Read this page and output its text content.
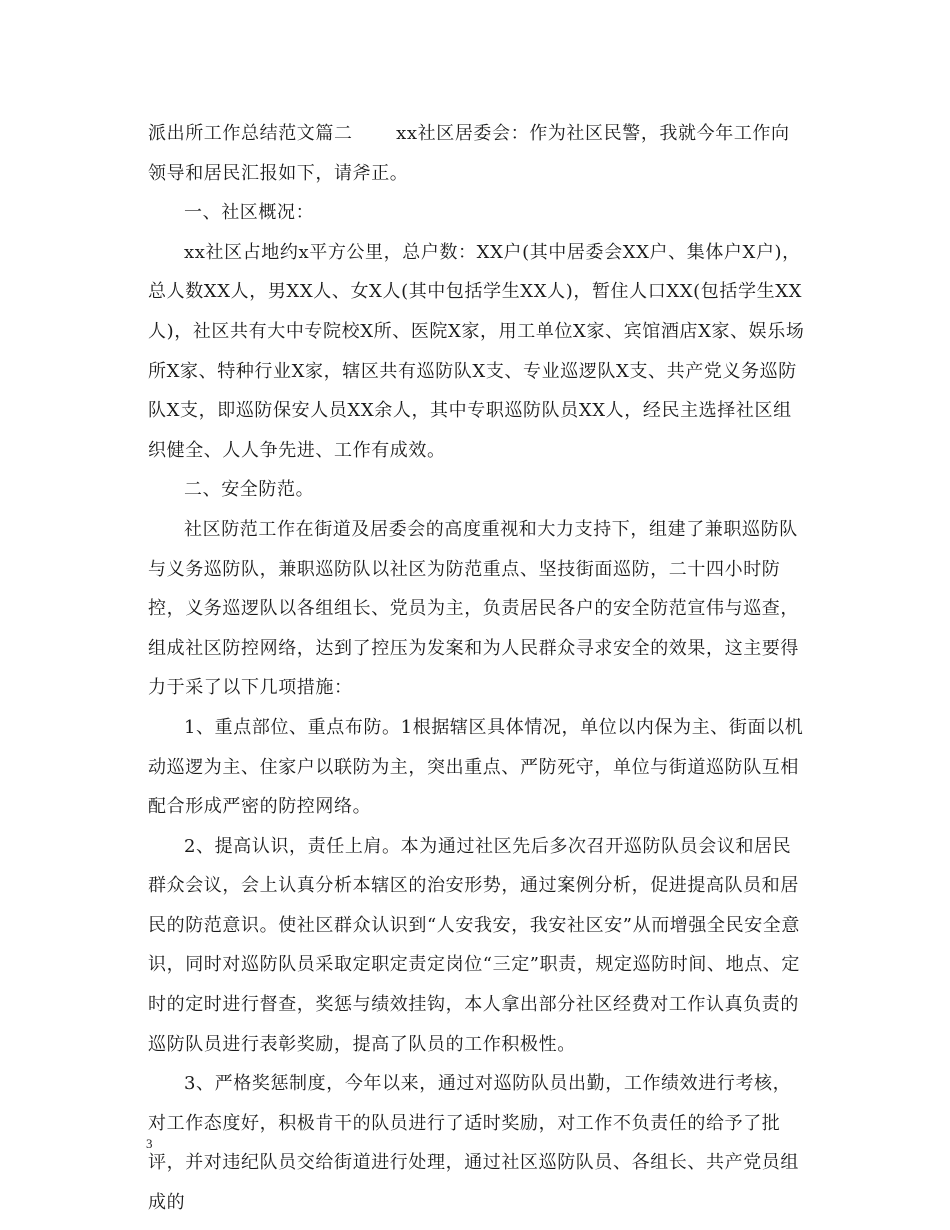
派出所工作总结范文篇二 　　xx社区居委会：作为社区民警，我就今年工作向领导和居民汇报如下，请斧正。

一、社区概况：

xx社区占地约x平方公里，总户数：XX户(其中居委会XX户、集体户X户)，总人数XX人，男XX人、女X人(其中包括学生XX人)，暂住人口XX(包括学生XX人)，社区共有大中专院校X所、医院X家，用工单位X家、宾馆酒店X家、娱乐场所X家、特种行业X家，辖区共有巡防队X支、专业巡逻队X支、共产党义务巡防队X支，即巡防保安人员XX余人，其中专职巡防队员XX人，经民主选择社区组织健全、人人争先进、工作有成效。

二、安全防范。

社区防范工作在街道及居委会的高度重视和大力支持下，组建了兼职巡防队与义务巡防队，兼职巡防队以社区为防范重点、坚技街面巡防，二十四小时防控，义务巡逻队以各组组长、党员为主，负责居民各户的安全防范宣伟与巡查，组成社区防控网络，达到了控压为发案和为人民群众寻求安全的效果，这主要得力于采了以下几项措施：

1、重点部位、重点布防。1根据辖区具体情况，单位以内保为主、街面以机动巡逻为主、住家户以联防为主，突出重点、严防死守，单位与街道巡防队互相配合形成严密的防控网络。

2、提高认识，责任上肩。本为通过社区先后多次召开巡防队员会议和居民群众会议，会上认真分析本辖区的治安形势，通过案例分析，促进提高队员和居民的防范意识。使社区群众认识到“人安我安，我安社区安”从而增强全民安全意识，同时对巡防队员采取定职定责定岗位“三定”职责，规定巡防时间、地点、定时的定时进行督查，奖惩与绩效挂钩，本人拿出部分社区经费对工作认真负责的巡防队员进行表彰奖励，提高了队员的工作积极性。

3、严格奖惩制度，今年以来，通过对巡防队员出勤，工作绩效进行考核，对工作态度好，积极肯干的队员进行了适时奖励，对工作不负责任的给予了批评，并对违纪队员交给街道进行处理，通过社区巡防队员、各组长、共产党员组成的

3
